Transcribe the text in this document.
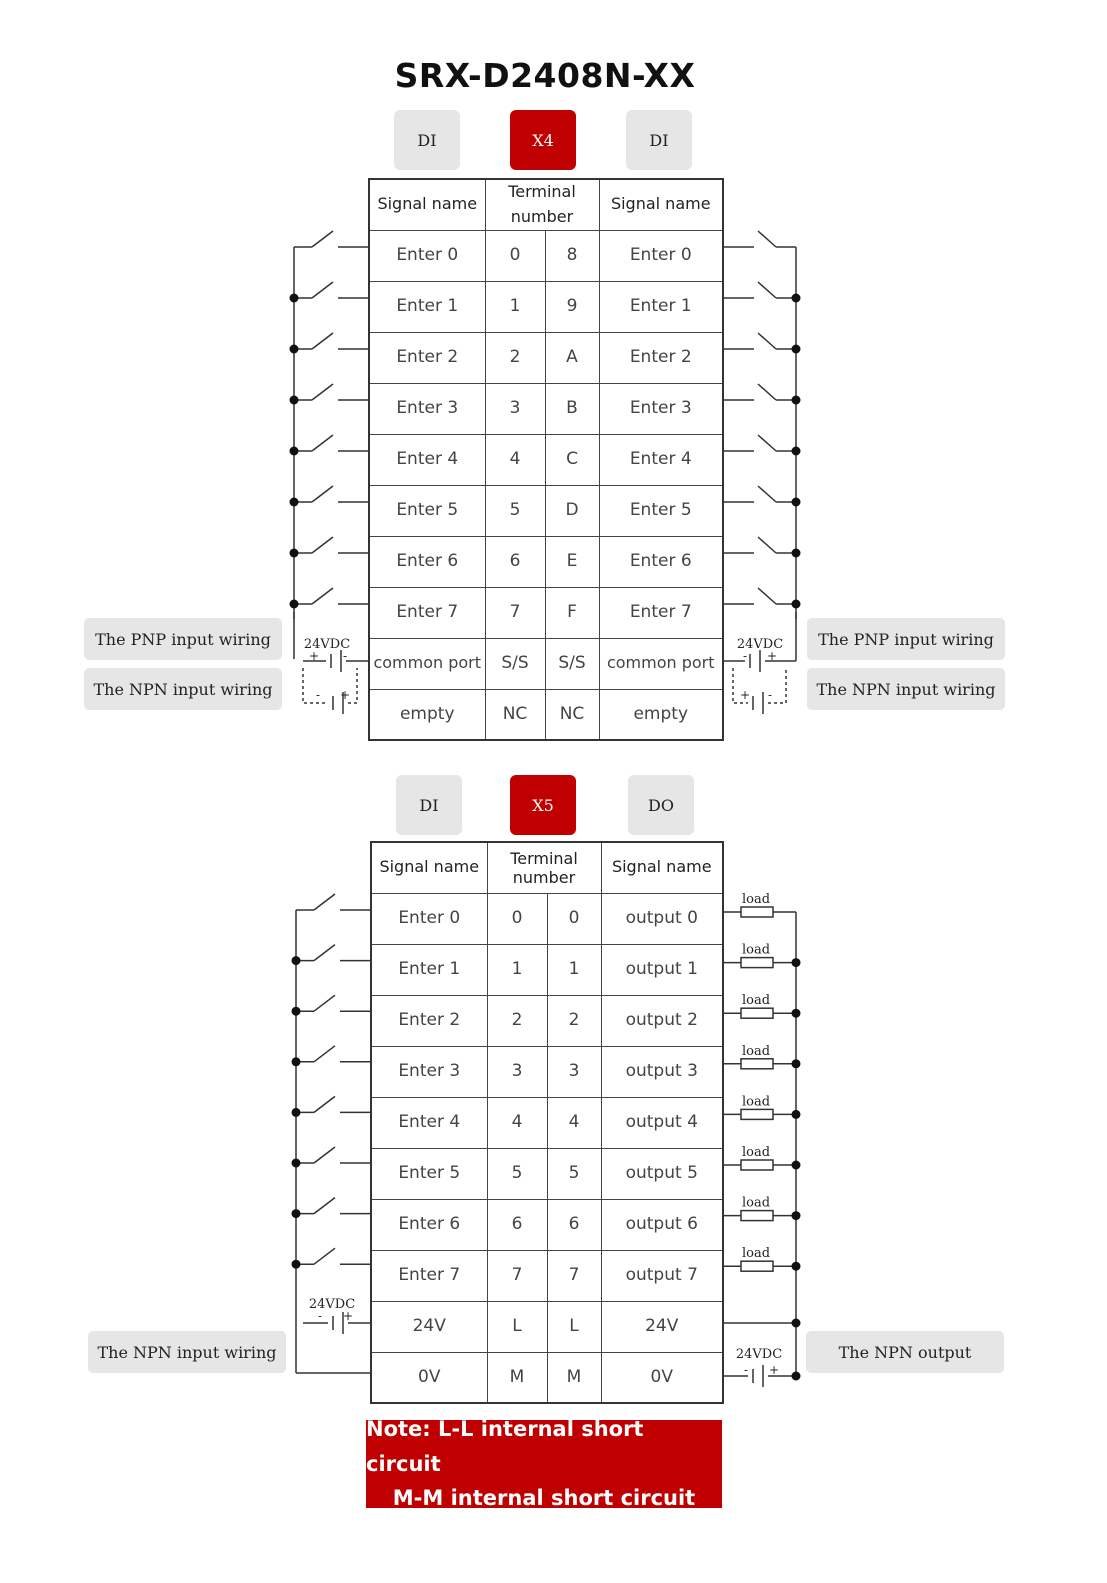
SRX-D2408N-XX
DI	X4	DI
Signal name	Terminal number		Signal name
Enter 0	0	8	Enter 0
Enter 1	1	9	Enter 1
Enter 2	2	A	Enter 2
Enter 3	3	B	Enter 3
Enter 4	4	C	Enter 4
Enter 5	5	D	Enter 5
Enter 6	6	E	Enter 6
Enter 7	7	F	Enter 7
common port	S/S	S/S	common port
empty	NC	NC	empty
The PNP input wiring
The NPN input wiring
The PNP input wiring
The NPN input wiring
DI	X5	DO
Signal name	Terminal number		Signal name
Enter 0	0	0	output 0
Enter 1	1	1	output 1
Enter 2	2	2	output 2
Enter 3	3	3	output 3
Enter 4	4	4	output 4
Enter 5	5	5	output 5
Enter 6	6	6	output 6
Enter 7	7	7	output 7
24V	L	L	24V
0V	M	M	0V
The NPN input wiring	The NPN output
Note: L-L internal short circuit
M-M internal short circuit
24VDC
+ -
- +
24VDC
- +
+ -
24VDC
- +
load
load
load
load
load
load
load
load
24VDC
- +
